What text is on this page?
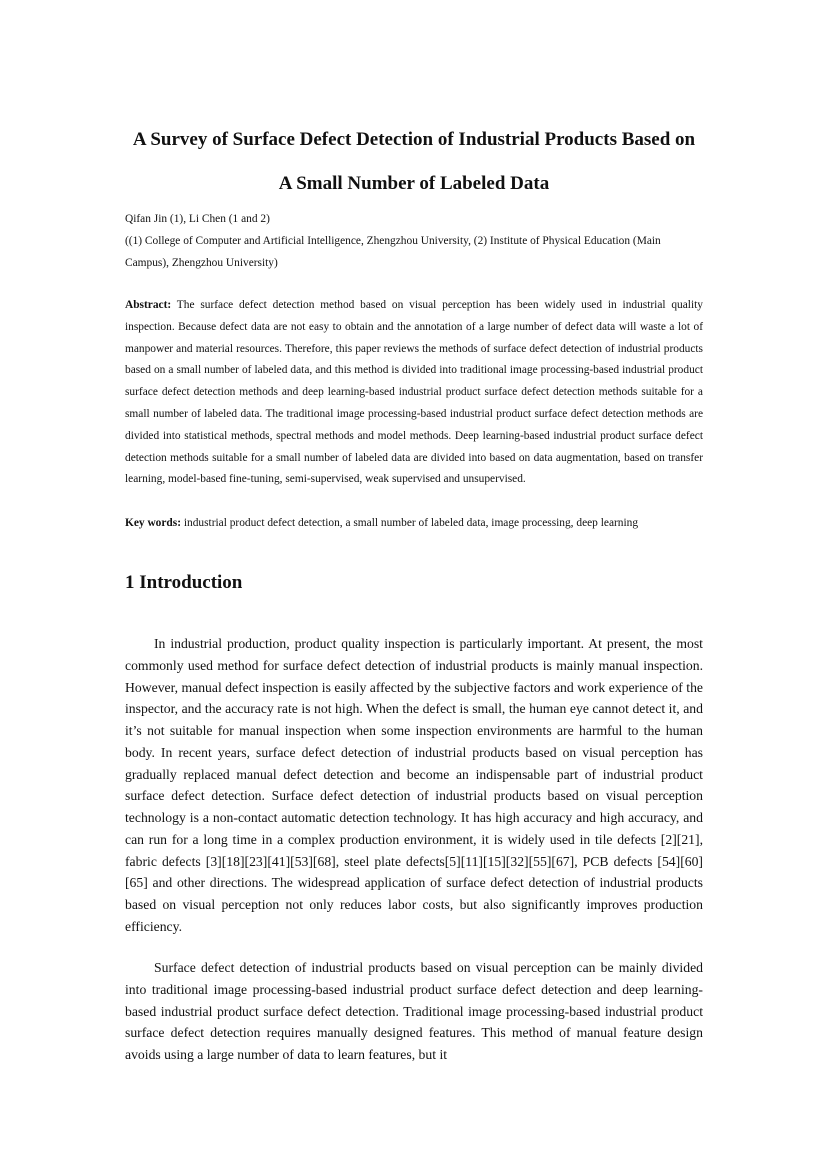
A Survey of Surface Defect Detection of Industrial Products Based on
A Small Number of Labeled Data
Qifan Jin (1), Li Chen (1 and 2)
((1) College of Computer and Artificial Intelligence, Zhengzhou University, (2) Institute of Physical Education (Main Campus), Zhengzhou University)
Abstract: The surface defect detection method based on visual perception has been widely used in industrial quality inspection. Because defect data are not easy to obtain and the annotation of a large number of defect data will waste a lot of manpower and material resources. Therefore, this paper reviews the methods of surface defect detection of industrial products based on a small number of labeled data, and this method is divided into traditional image processing-based industrial product surface defect detection methods and deep learning-based industrial product surface defect detection methods suitable for a small number of labeled data. The traditional image processing-based industrial product surface defect detection methods are divided into statistical methods, spectral methods and model methods. Deep learning-based industrial product surface defect detection methods suitable for a small number of labeled data are divided into based on data augmentation, based on transfer learning, model-based fine-tuning, semi-supervised, weak supervised and unsupervised.
Key words: industrial product defect detection, a small number of labeled data, image processing, deep learning
1 Introduction

In industrial production, product quality inspection is particularly important. At present, the most commonly used method for surface defect detection of industrial products is mainly manual inspection. However, manual defect inspection is easily affected by the subjective factors and work experience of the inspector, and the accuracy rate is not high. When the defect is small, the human eye cannot detect it, and it’s not suitable for manual inspection when some inspection environments are harmful to the human body. In recent years, surface defect detection of industrial products based on visual perception has gradually replaced manual defect detection and become an indispensable part of industrial product surface defect detection. Surface defect detection of industrial products based on visual perception technology is a non-contact automatic detection technology. It has high accuracy and high accuracy, and can run for a long time in a complex production environment, it is widely used in tile defects [2][21], fabric defects [3][18][23][41][53][68], steel plate defects[5][11][15][32][55][67], PCB defects [54][60][65] and other directions. The widespread application of surface defect detection of industrial products based on visual perception not only reduces labor costs, but also significantly improves production efficiency.

Surface defect detection of industrial products based on visual perception can be mainly divided into traditional image processing-based industrial product surface defect detection and deep learning-based industrial product surface defect detection. Traditional image processing-based industrial product surface defect detection requires manually designed features. This method of manual feature design avoids using a large number of data to learn features, but it
